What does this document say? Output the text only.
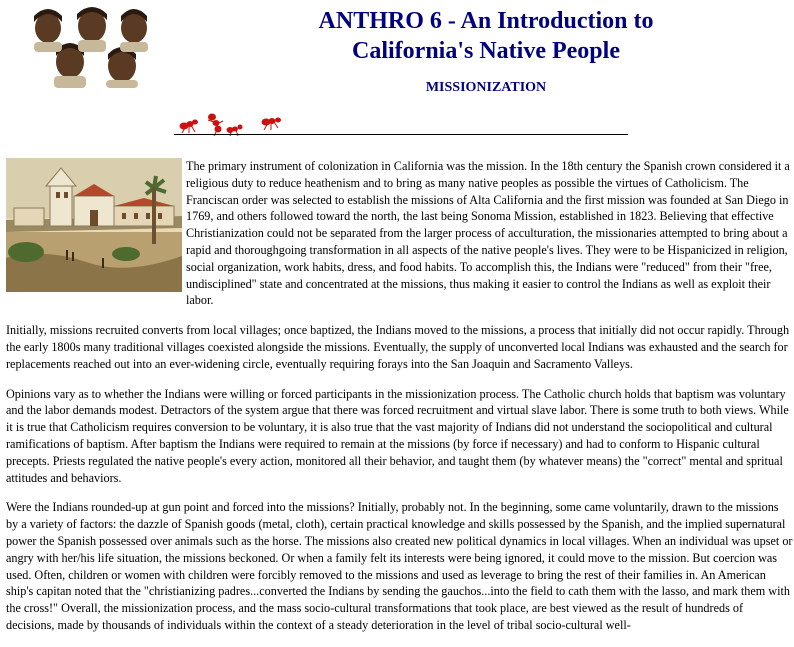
ANTHRO 6 - An Introduction to California's Native People
MISSIONIZATION

The primary instrument of colonization in California was the mission. In the 18th century the Spanish crown considered it a religious duty to reduce heathenism and to bring as many native peoples as possible the virtues of Catholicism. The Franciscan order was selected to establish the missions of Alta California and the first mission was founded at San Diego in 1769, and others followed toward the north, the last being Sonoma Mission, established in 1823. Believing that effective Christianization could not be separated from the larger process of acculturation, the missionaries attempted to bring about a rapid and thoroughgoing transformation in all aspects of the native people's lives. They were to be Hispanicized in religion, social organization, work habits, dress, and food habits. To accomplish this, the Indians were "reduced" from their "free, undisciplined" state and concentrated at the missions, thus making it easier to control the Indians as well as exploit their labor.

Initially, missions recruited converts from local villages; once baptized, the Indians moved to the missions, a process that initially did not occur rapidly. Through the early 1800s many traditional villages coexisted alongside the missions. Eventually, the supply of unconverted local Indians was exhausted and the search for replacements reached out into an ever-widening circle, eventually requiring forays into the San Joaquin and Sacramento Valleys.

Opinions vary as to whether the Indians were willing or forced participants in the missionization process. The Catholic church holds that baptism was voluntary and the labor demands modest. Detractors of the system argue that there was forced recruitment and virtual slave labor. There is some truth to both views. While it is true that Catholicism requires conversion to be voluntary, it is also true that the vast majority of Indians did not understand the sociopolitical and cultural ramifications of baptism. After baptism the Indians were required to remain at the missions (by force if necessary) and had to conform to Hispanic cultural precepts. Priests regulated the native people's every action, monitored all their behavior, and taught them (by whatever means) the "correct" mental and spritual attitudes and behaviors.

Were the Indians rounded-up at gun point and forced into the missions? Initially, probably not. In the beginning, some came voluntarily, drawn to the missions by a variety of factors: the dazzle of Spanish goods (metal, cloth), certain practical knowledge and skills possessed by the Spanish, and the implied supernatural power the Spanish possessed over animals such as the horse. The missions also created new political dynamics in local villages. When an individual was upset or angry with her/his life situation, the missions beckoned. Or when a family felt its interests were being ignored, it could move to the mission. But coercion was used. Often, children or women with children were forcibly removed to the missions and used as leverage to bring the rest of their families in. An American ship's capitan noted that the "christianizing padres...converted the Indians by sending the gauchos...into the field to cath them with the lasso, and mark them with the cross!" Overall, the missionization process, and the mass socio-cultural transformations that took place, are best viewed as the result of hundreds of decisions, made by thousands of individuals within the context of a steady deterioration in the level of tribal socio-cultural well-
